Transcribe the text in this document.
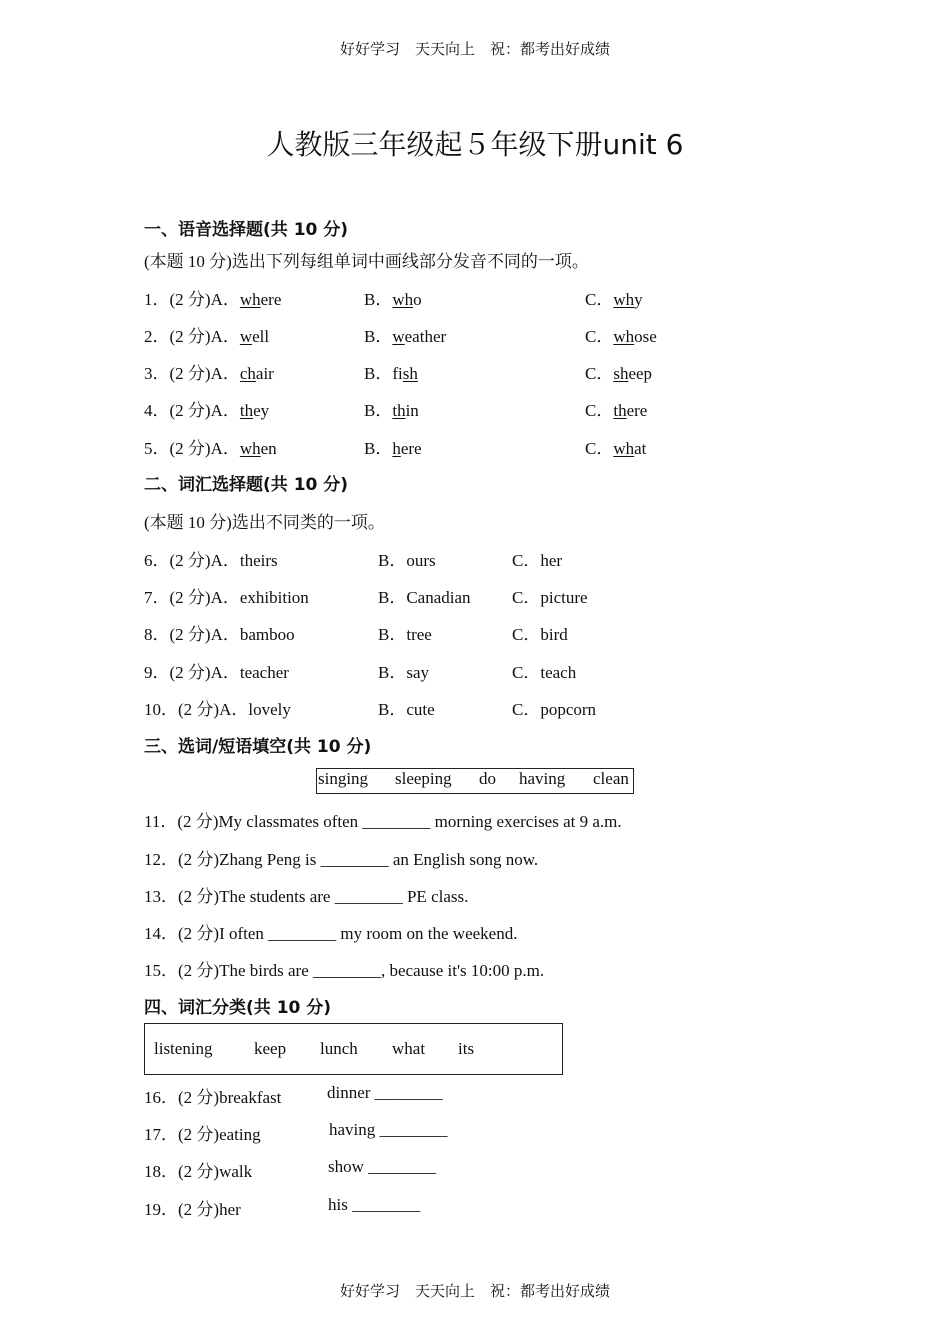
好好学习　天天向上　祝：都考出好成绩
人教版三年级起５年级下册unit 6
一、语音选择题(共 10 分)
(本题 10 分)选出下列每组单词中画线部分发音不同的一项。
1．(2 分)A．where	B．who	C．why
2．(2 分)A．well	B．weather	C．whose
3．(2 分)A．chair	B．fish	C．sheep
4．(2 分)A．they	B．thin	C．there
5．(2 分)A．when	B．here	C．what
二、词汇选择题(共 10 分)
(本题 10 分)选出不同类的一项。
6．(2 分)A．theirs	B．ours	C．her
7．(2 分)A．exhibition	B．Canadian C．picture
8．(2 分)A．bamboo	B．tree	C．bird
9．(2 分)A．teacher	B．say	C．teach
10．(2 分)A．lovely	B．cute	C．popcorn
三、选词/短语填空(共 10 分)
singing sleeping do having clean
11．(2 分)My classmates often ________ morning exercises at 9 a.m.
12．(2 分)Zhang Peng is ________ an English song now.
13．(2 分)The students are ________ PE class.
14．(2 分)I often ________ my room on the weekend.
15．(2 分)The birds are ________, because it's 10:00 p.m.
四、词汇分类(共 10 分)
listening keep lunch what its
16．(2 分)breakfast	dinner ________
17．(2 分)eating	having ________
18．(2 分)walk	show ________
19．(2 分)her	his ________
好好学习　天天向上　祝：都考出好成绩
